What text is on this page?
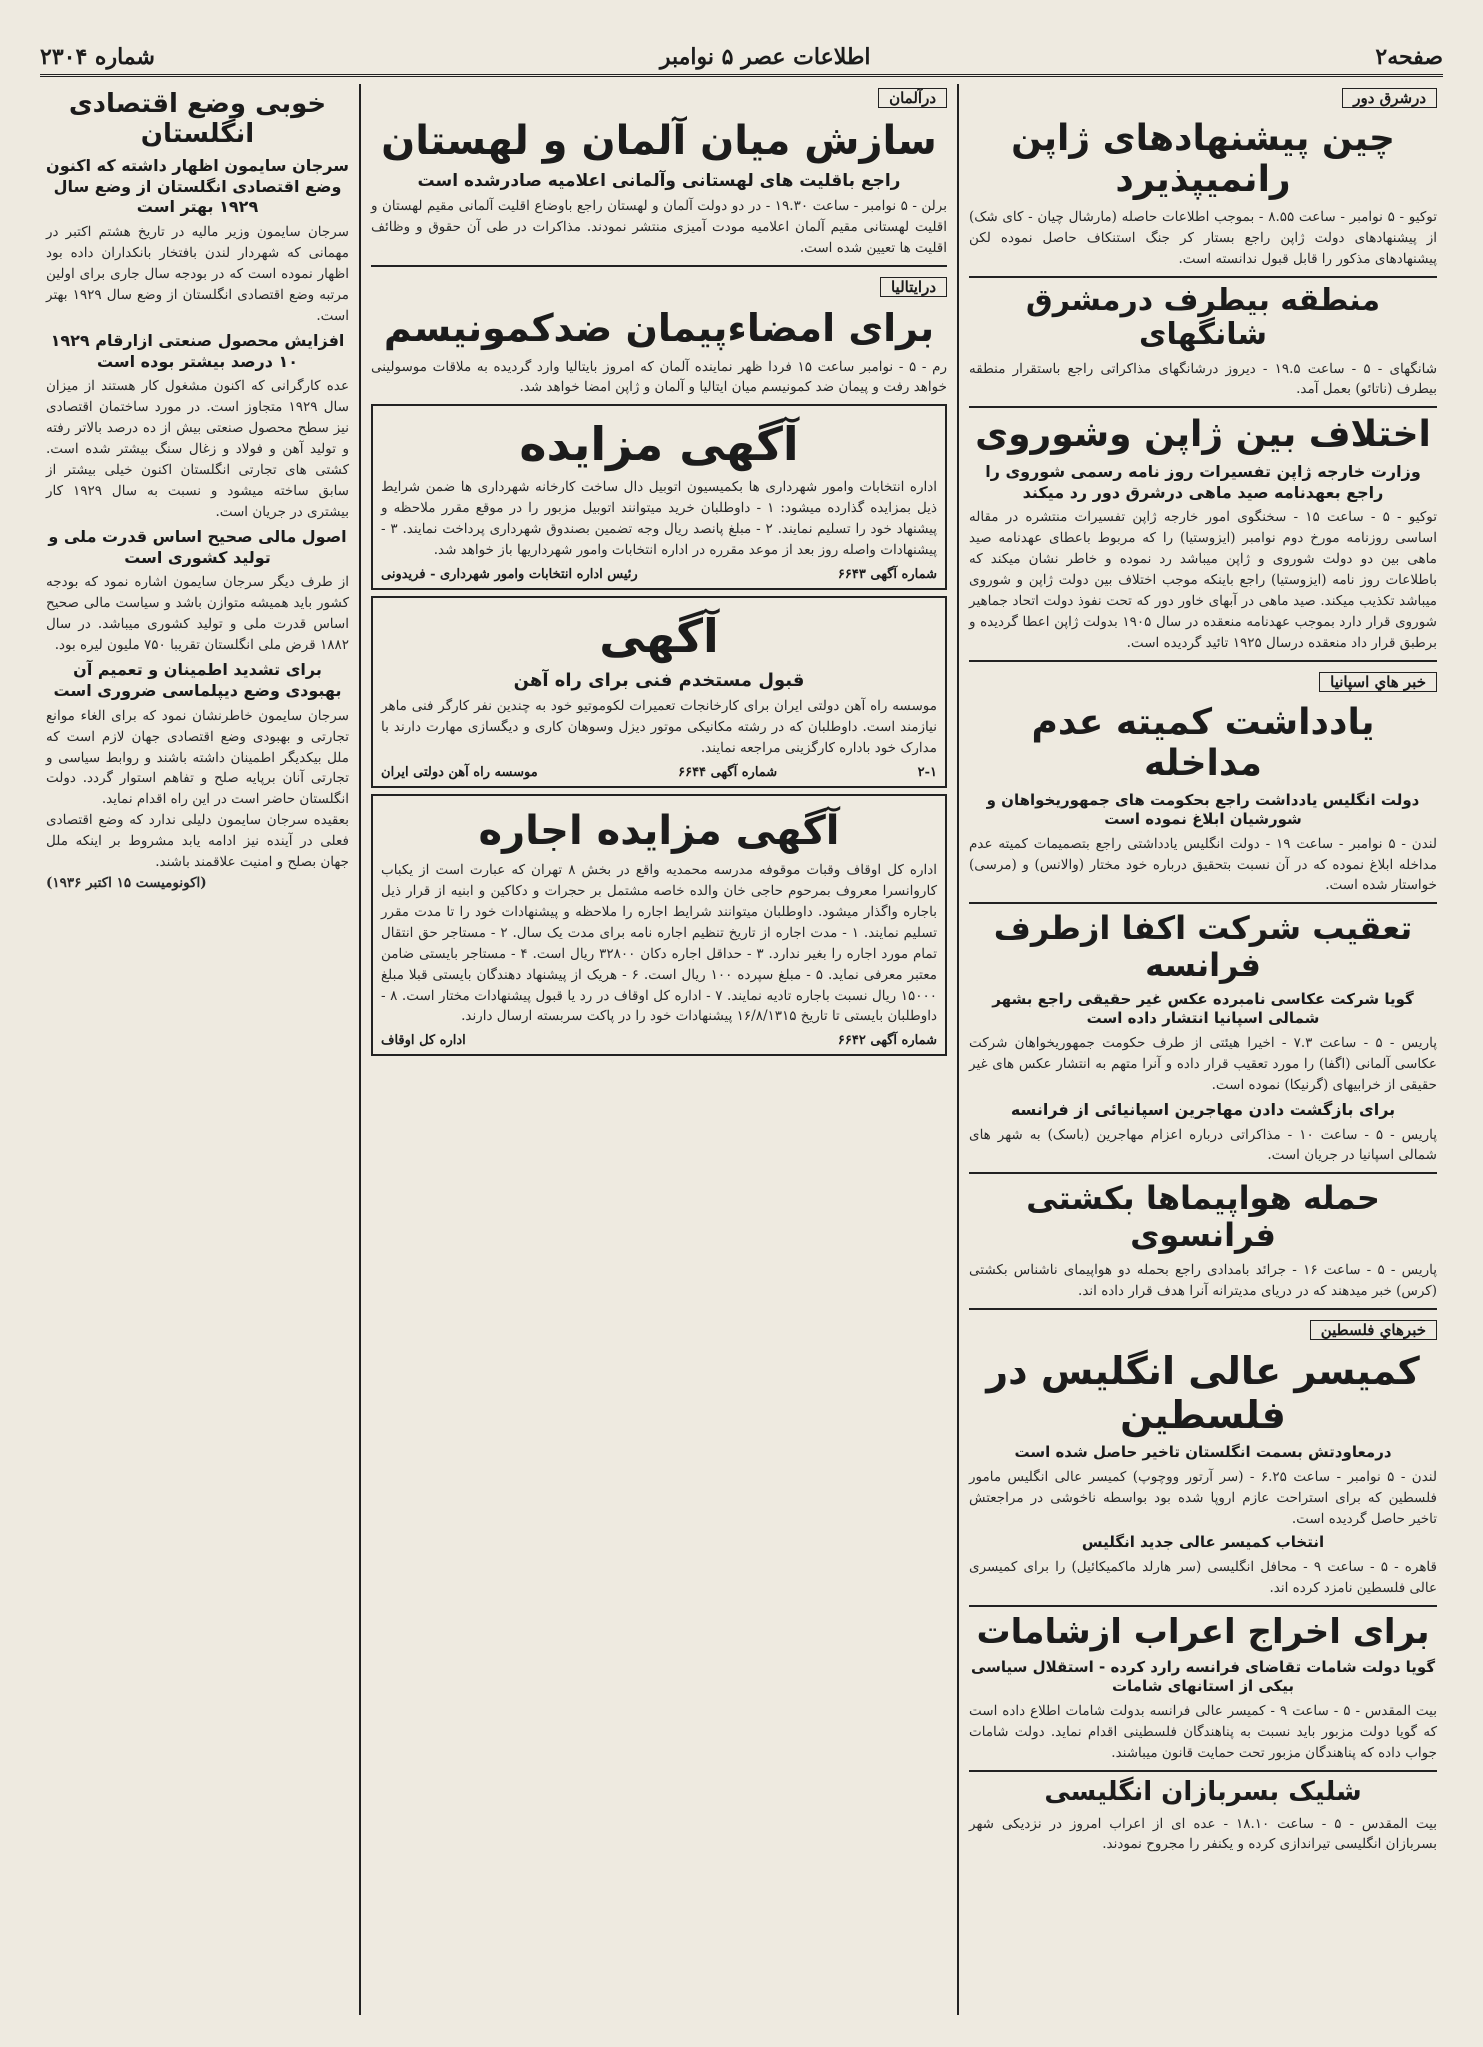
صفحه۲
اطلاعات عصر ۵ نوامبر
شماره ۲۳۰۴
درشرق دور
چین پیشنهادهای ژاپن رانمیپذیرد
توکیو - ۵ نوامبر - ساعت ۸.۵۵ - بموجب اطلاعات حاصله (مارشال چیان - کای شک) از پیشنهادهای دولت ژاپن راجع بستار کر جنگ استنکاف حاصل نموده لکن پیشنهادهای مذکور را قابل قبول ندانسته است.
منطقه بیطرف درمشرق شانگهای
شانگهای - ۵ - ساعت ۱۹.۵ - دیروز درشانگهای مذاکراتی راجع باستقرار منطقه بیطرف (ناتائو) بعمل آمد.
اختلاف بین ژاپن وشوروی
وزارت خارجه ژاپن تفسیرات روز نامه رسمی شوروی را راجع بعهدنامه صید ماهی درشرق دور رد میکند
توکیو - ۵ - ساعت ۱۵ - سخنگوی امور خارجه ژاپن تفسیرات منتشره در مقاله اساسی روزنامه مورخ دوم نوامبر (ایزوستیا) را که مربوط باعطای عهدنامه صید ماهی بین دو دولت شوروی و ژاپن میباشد رد نموده و خاطر نشان میکند که باطلاعات روز نامه (ایزوستیا) راجع باینکه موجب اختلاف بین دولت ژاپن و شوروی میباشد تکذیب میکند. صید ماهی در آبهای خاور دور که تحت نفوذ دولت اتحاد جماهیر شوروی قرار دارد بموجب عهدنامه منعقده در سال ۱۹۰۵ بدولت ژاپن اعطا گردیده و برطبق قرار داد منعقده درسال ۱۹۲۵ تائید گردیده است.
خبر هاي اسپانيا
یادداشت کمیته عدم مداخله
دولت انگلیس یادداشت راجع بحکومت های جمهوریخواهان و شورشیان ابلاغ نموده است
لندن - ۵ نوامبر - ساعت ۱۹ - دولت انگلیس یادداشتی راجع بتصمیمات کمیته عدم مداخله ابلاغ نموده که در آن نسبت بتحقیق درباره خود مختار (والانس) و (مرسی) خواستار شده است.
تعقیب شرکت اکفا ازطرف فرانسه
گویا شرکت عکاسی نامبرده عکس غیر حقیقی راجع بشهر شمالی اسپانیا انتشار داده است
پاریس - ۵ - ساعت ۷.۳ - اخیرا هیئتی از طرف حکومت جمهوریخواهان شرکت عکاسی آلمانی (اگفا) را مورد تعقیب قرار داده و آنرا متهم به انتشار عکس های غیر حقیقی از خرابیهای (گرنیکا) نموده است.
برای بازگشت دادن مهاجرین اسپانیائی از فرانسه
پاریس - ۵ - ساعت ۱۰ - مذاکراتی درباره اعزام مهاجرین (باسک) به شهر های شمالی اسپانیا در جریان است.
حمله هواپیماها بکشتی فرانسوی
پاریس - ۵ - ساعت ۱۶ - جرائد بامدادی راجع بحمله دو هواپیمای ناشناس بکشتی (کرس) خبر میدهند که در دریای مدیترانه آنرا هدف قرار داده اند.
خبرهاي فلسطين
کمیسر عالی انگلیس در فلسطین
درمعاودتش بسمت انگلستان تاخیر حاصل شده است
لندن - ۵ نوامبر - ساعت ۶.۲۵ - (سر آرتور ووچوپ) کمیسر عالی انگلیس مامور فلسطین که برای استراحت عازم اروپا شده بود بواسطه ناخوشی در مراجعتش تاخیر حاصل گردیده است.
انتخاب کمیسر عالی جدید انگلیس
قاهره - ۵ - ساعت ۹ - محافل انگلیسی (سر هارلد ماکمیکائیل) را برای کمیسری عالی فلسطین نامزد کرده اند.
برای اخراج اعراب ازشامات
گویا دولت شامات تقاضای فرانسه رارد کرده - استقلال سیاسی بیکی از استانهای شامات
بیت المقدس - ۵ - ساعت ۹ - کمیسر عالی فرانسه بدولت شامات اطلاع داده است که گویا دولت مزبور باید نسبت به پناهندگان فلسطینی اقدام نماید. دولت شامات جواب داده که پناهندگان مزبور تحت حمایت قانون میباشند.
شلیک بسربازان انگلیسی
بیت المقدس - ۵ - ساعت ۱۸.۱۰ - عده ای از اعراب امروز در نزدیکی شهر بسربازان انگلیسی تیراندازی کرده و یکنفر را مجروح نمودند.
درآلمان
سازش میان آلمان و لهستان
راجع باقلیت های لهستانی وآلمانی اعلامیه صادرشده است
برلن - ۵ نوامبر - ساعت ۱۹.۳۰ - در دو دولت آلمان و لهستان راجع باوضاع اقلیت آلمانی مقیم لهستان و اقلیت لهستانی مقیم آلمان اعلامیه مودت آمیزی منتشر نمودند. مذاکرات در طی آن حقوق و وظائف اقلیت ها تعیین شده است.
درايتاليا
برای امضاءپیمان ضدکمونیسم
رم - ۵ - نوامبر ساعت ۱۵ فردا ظهر نماینده آلمان که امروز بایتالیا وارد گردیده به ملاقات موسولینی خواهد رفت و پیمان ضد کمونیسم میان ایتالیا و آلمان و ژاپن امضا خواهد شد.
آگهی مزایده
اداره انتخابات وامور شهرداری ها بکمیسیون اتوبیل دال ساخت کارخانه شهرداری ها ضمن شرایط ذیل بمزایده گذارده میشود: ۱ - داوطلبان خرید میتوانند اتوبیل مزبور را در موقع مقرر ملاحظه و پیشنهاد خود را تسلیم نمایند. ۲ - مبلغ پانصد ریال وجه تضمین بصندوق شهرداری پرداخت نمایند. ۳ - پیشنهادات واصله روز بعد از موعد مقرره در اداره انتخابات وامور شهرداریها باز خواهد شد.
شماره آگهی ۶۶۴۳
رئیس اداره انتخابات وامور شهرداری - فریدونی
آگهی
قبول مستخدم فنی برای راه آهن
موسسه راه آهن دولتی ایران برای کارخانجات تعمیرات لکوموتیو خود به چندین نفر کارگر فنی ماهر نیازمند است. داوطلبان که در رشته مکانیکی موتور دیزل وسوهان کاری و دیگسازی مهارت دارند با مدارک خود باداره کارگزینی مراجعه نمایند.
۲-۱
شماره آگهی ۶۶۴۴
موسسه راه آهن دولتی ایران
آگهی مزایده اجاره
اداره کل اوقاف وقبات موقوفه مدرسه محمدیه واقع در بخش ۸ تهران که عبارت است از یکباب کاروانسرا معروف بمرحوم حاجی خان والده خاصه مشتمل بر حجرات و دکاکین و ابنیه از قرار ذیل باجاره واگذار میشود. داوطلبان میتوانند شرایط اجاره را ملاحظه و پیشنهادات خود را تا مدت مقرر تسلیم نمایند. ۱ - مدت اجاره از تاریخ تنظیم اجاره نامه برای مدت یک سال. ۲ - مستاجر حق انتقال تمام مورد اجاره را بغیر ندارد. ۳ - حداقل اجاره دکان ۳۲۸۰۰ ریال است. ۴ - مستاجر بایستی ضامن معتبر معرفی نماید. ۵ - مبلغ سپرده ۱۰۰ ریال است. ۶ - هریک از پیشنهاد دهندگان بایستی قبلا مبلغ ۱۵۰۰۰ ریال نسبت باجاره تادیه نمایند. ۷ - اداره کل اوقاف در رد یا قبول پیشنهادات مختار است. ۸ - داوطلبان بایستی تا تاریخ ۱۶/۸/۱۳۱۵ پیشنهادات خود را در پاکت سربسته ارسال دارند.
شماره آگهی ۶۶۴۲
اداره کل اوقاف
خوبی وضع اقتصادی انگلستان
سرجان سایمون اظهار داشته که اکنون وضع اقتصادی انگلستان از وضع سال ۱۹۲۹ بهتر است
سرجان سایمون وزیر مالیه در تاریخ هشتم اکتبر در مهمانی که شهردار لندن بافتخار بانکداران داده بود اظهار نموده است که در بودجه سال جاری برای اولین مرتبه وضع اقتصادی انگلستان از وضع سال ۱۹۲۹ بهتر است.
افزایش محصول صنعتی ازارقام ۱۹۲۹ ۱۰ درصد بیشتر بوده است
عده کارگرانی که اکنون مشغول کار هستند از میزان سال ۱۹۲۹ متجاوز است. در مورد ساختمان اقتصادی نیز سطح محصول صنعتی بیش از ده درصد بالاتر رفته و تولید آهن و فولاد و زغال سنگ بیشتر شده است. کشتی های تجارتی انگلستان اکنون خیلی بیشتر از سابق ساخته میشود و نسبت به سال ۱۹۲۹ کار بیشتری در جریان است.
اصول مالی صحیح اساس قدرت ملی و تولید کشوری است
از طرف دیگر سرجان سایمون اشاره نمود که بودجه کشور باید همیشه متوازن باشد و سیاست مالی صحیح اساس قدرت ملی و تولید کشوری میباشد. در سال ۱۸۸۲ قرض ملی انگلستان تقریبا ۷۵۰ ملیون لیره بود.
برای تشدید اطمینان و تعمیم آن بهبودی وضع دیپلماسی ضروری است
سرجان سایمون خاطرنشان نمود که برای الغاء موانع تجارتی و بهبودی وضع اقتصادی جهان لازم است که ملل بیکدیگر اطمینان داشته باشند و روابط سیاسی و تجارتی آنان برپایه صلح و تفاهم استوار گردد. دولت انگلستان حاضر است در این راه اقدام نماید.
بعقیده سرجان سایمون دلیلی ندارد که وضع اقتصادی فعلی در آینده نیز ادامه یابد مشروط بر اینکه ملل جهان بصلح و امنیت علاقمند باشند.
(اکونومیست ۱۵ اکتبر ۱۹۳۶)
